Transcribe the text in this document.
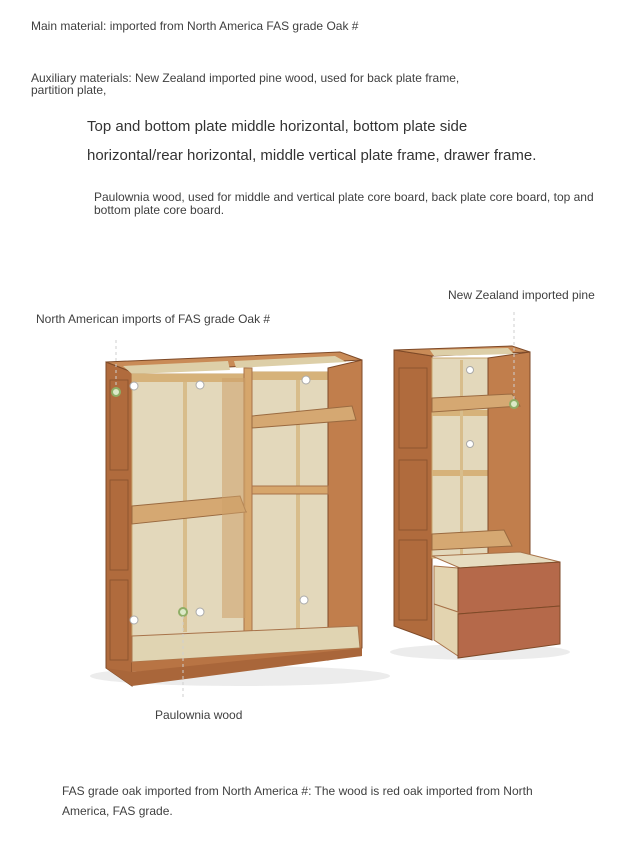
Main material: imported from North America FAS grade Oak #

Auxiliary materials: New Zealand imported pine wood, used for back plate frame, partition plate,

Top and bottom plate middle horizontal, bottom plate side

horizontal/rear horizontal, middle vertical plate frame, drawer frame.

Paulownia wood, used for middle and vertical plate core board, back plate core board, top and bottom plate core board.

North American imports of FAS grade Oak #

New Zealand imported pine

Paulownia wood

FAS grade oak imported from North America #: The wood is red oak imported from North America, FAS grade.
